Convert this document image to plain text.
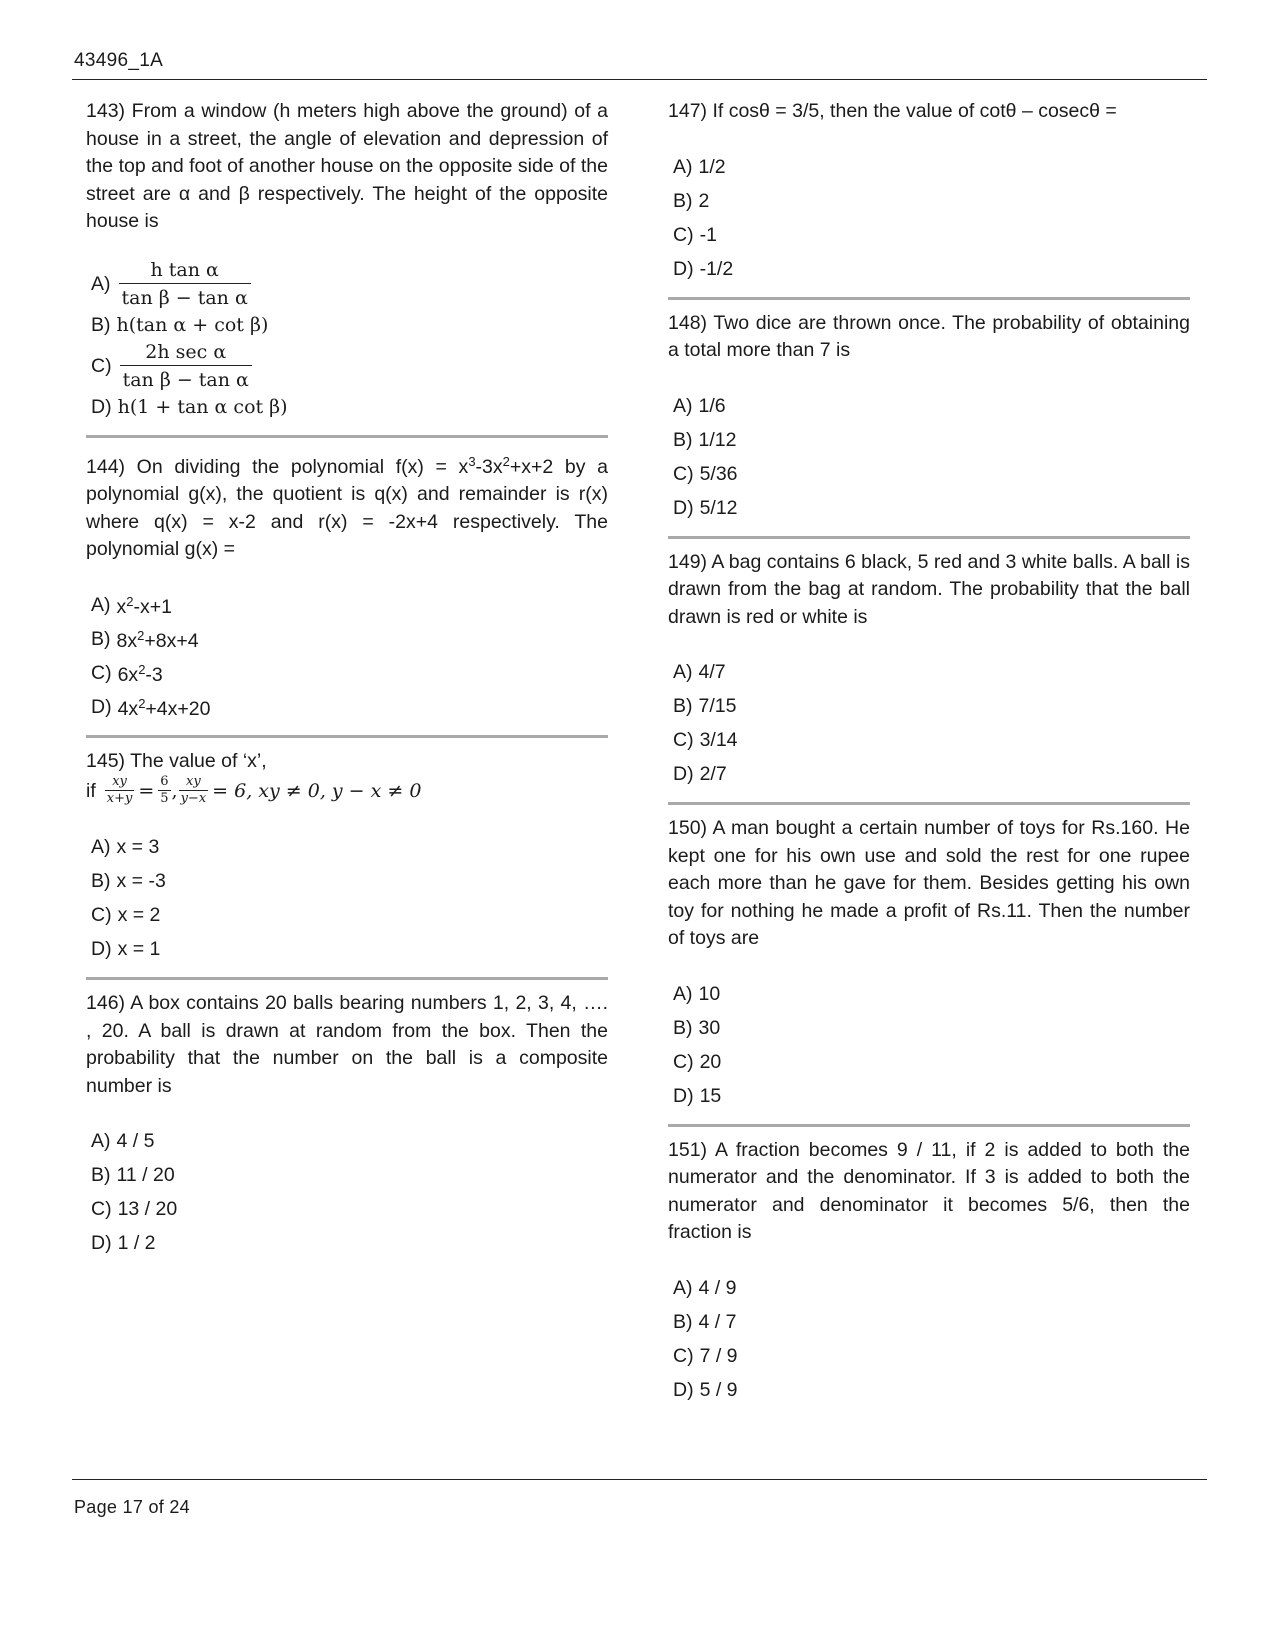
43496_1A

143) From a window (h meters high above the ground) of a house in a street, the angle of elevation and depression of the top and foot of another house on the opposite side of the street are α and β respectively. The height of the opposite house is

$A) \frac{\text{h tan α}}{\text{tan β − tan α}}$
B) h(tan α + cot β)
$C) \frac{\text{2h sec α}}{\text{tan β − tan α}}$
D) h(1 + tan α cot β)

144) On dividing the polynomial $f(x) = x^3-3x^2+x+2$ by a polynomial g(x), the quotient is q(x) and remainder is r(x) where q(x) = x-2 and r(x) = -2x+4 respectively. The polynomial g(x) =

A) $x^2-x+1$
B) $8x^2+8x+4$
C) $6x^2-3$
D) $4x^2+4x+20$

145) The value of ‘x’,

if $\frac{xy}{x+y} = \frac{6}{5}$ , $\frac{xy}{y-x} = 6$, xy ≠ 0, y − x ≠ 0
A) x = 3
B) x = -3
C) x = 2
D) x = 1

146) A box contains 20 balls bearing numbers 1, 2, 3, 4, …. , 20. A ball is drawn at random from the box. Then the probability that the number on the ball is a composite number is

A) 4 / 5
B) 11 / 20
C) 13 / 20
D) 1 / 2

147) If cosθ = 3/5, then the value of cotθ – cosecθ =

A) 1/2
B) 2
C) -1
D) -1/2

148) Two dice are thrown once. The probability of obtaining a total more than 7 is

A) 1/6
B) 1/12
C) 5/36
D) 5/12

149) A bag contains 6 black, 5 red and 3 white balls. A ball is drawn from the bag at random. The probability that the ball drawn is red or white is

A) 4/7
B) 7/15
C) 3/14
D) 2/7

150) A man bought a certain number of toys for Rs.160. He kept one for his own use and sold the rest for one rupee each more than he gave for them. Besides getting his own toy for nothing he made a profit of Rs.11. Then the number of toys are

A) 10
B) 30
C) 20
D) 15

151) A fraction becomes 9 / 11, if 2 is added to both the numerator and the denominator. If 3 is added to both the numerator and denominator it becomes 5/6, then the fraction is

A) 4 / 9
B) 4 / 7
C) 7 / 9
D) 5 / 9
Page 17 of 24
